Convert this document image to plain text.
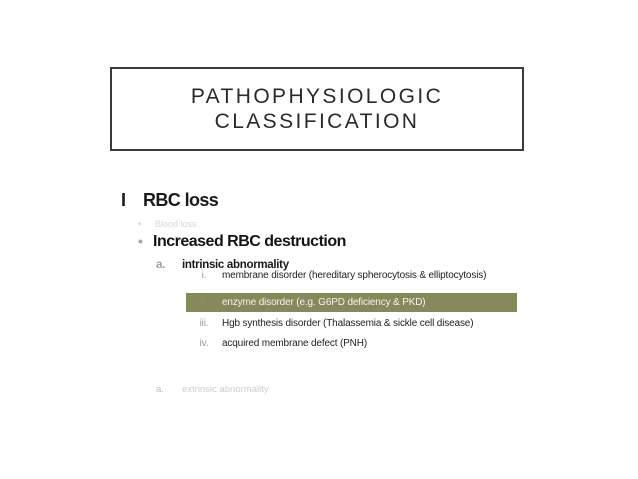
PATHOPHYSIOLOGIC CLASSIFICATION
I RBC loss
•	Blood loss
• Increased RBC destruction
a.	intrinsic abnormality
i.	membrane disorder (hereditary spherocytosis & elliptocytosis)
ii.	enzyme disorder (e.g. G6PD deficiency & PKD)
iii.	Hgb synthesis disorder (Thalassemia & sickle cell disease)
iv.	acquired membrane defect (PNH)
a.	extrinsic abnormality
